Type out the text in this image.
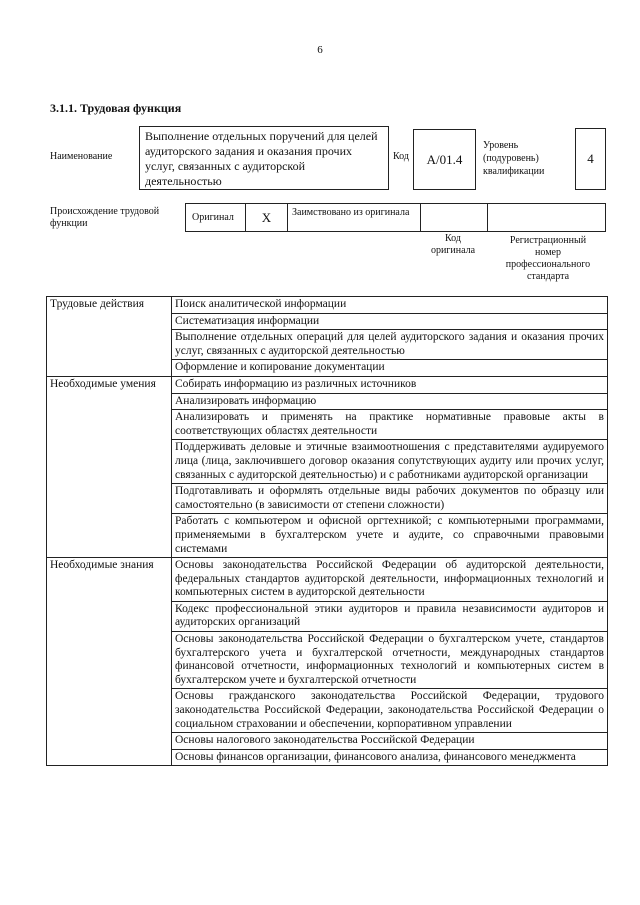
6
3.1.1. Трудовая функция
Наименование
Выполнение отдельных поручений для целей аудиторского задания и оказания прочих услуг, связанных с аудиторской деятельностью
Код	A/01.4
Уровень
(подуровень)
квалификации
4
Происхождение трудовой
функции
Оригинал	X	Заимствовано из оригинала
Код
оригинала
Регистрационный
номер
профессионального
стандарта
Трудовые действия	Поиск аналитической информации
	Систематизация информации
	Выполнение отдельных операций для целей аудиторского задания и оказания прочих услуг, связанных с аудиторской деятельностью
	Оформление и копирование документации
Необходимые умения	Собирать информацию из различных источников
	Анализировать информацию
	Анализировать и применять на практике нормативные правовые акты в соответствующих областях деятельности
	Поддерживать деловые и этичные взаимоотношения с представителями аудируемого лица (лица, заключившего договор оказания сопутствующих аудиту или прочих услуг, связанных с аудиторской деятельностью) и с работниками аудиторской организации
	Подготавливать и оформлять отдельные виды рабочих документов по образцу или самостоятельно (в зависимости от степени сложности)
	Работать с компьютером и офисной оргтехникой; с компьютерными программами, применяемыми в бухгалтерском учете и аудите, со справочными правовыми системами
Необходимые знания	Основы законодательства Российской Федерации об аудиторской деятельности, федеральных стандартов аудиторской деятельности, информационных технологий и компьютерных систем в аудиторской деятельности
	Кодекс профессиональной этики аудиторов и правила независимости аудиторов и аудиторских организаций
	Основы законодательства Российской Федерации о бухгалтерском учете, стандартов бухгалтерского учета и бухгалтерской отчетности, международных стандартов финансовой отчетности, информационных технологий и компьютерных систем в бухгалтерском учете и бухгалтерской отчетности
	Основы гражданского законодательства Российской Федерации, трудового законодательства Российской Федерации, законодательства Российской Федерации о социальном страховании и обеспечении, корпоративном управлении
	Основы налогового законодательства Российской Федерации
	Основы финансов организации, финансового анализа, финансового менеджмента
